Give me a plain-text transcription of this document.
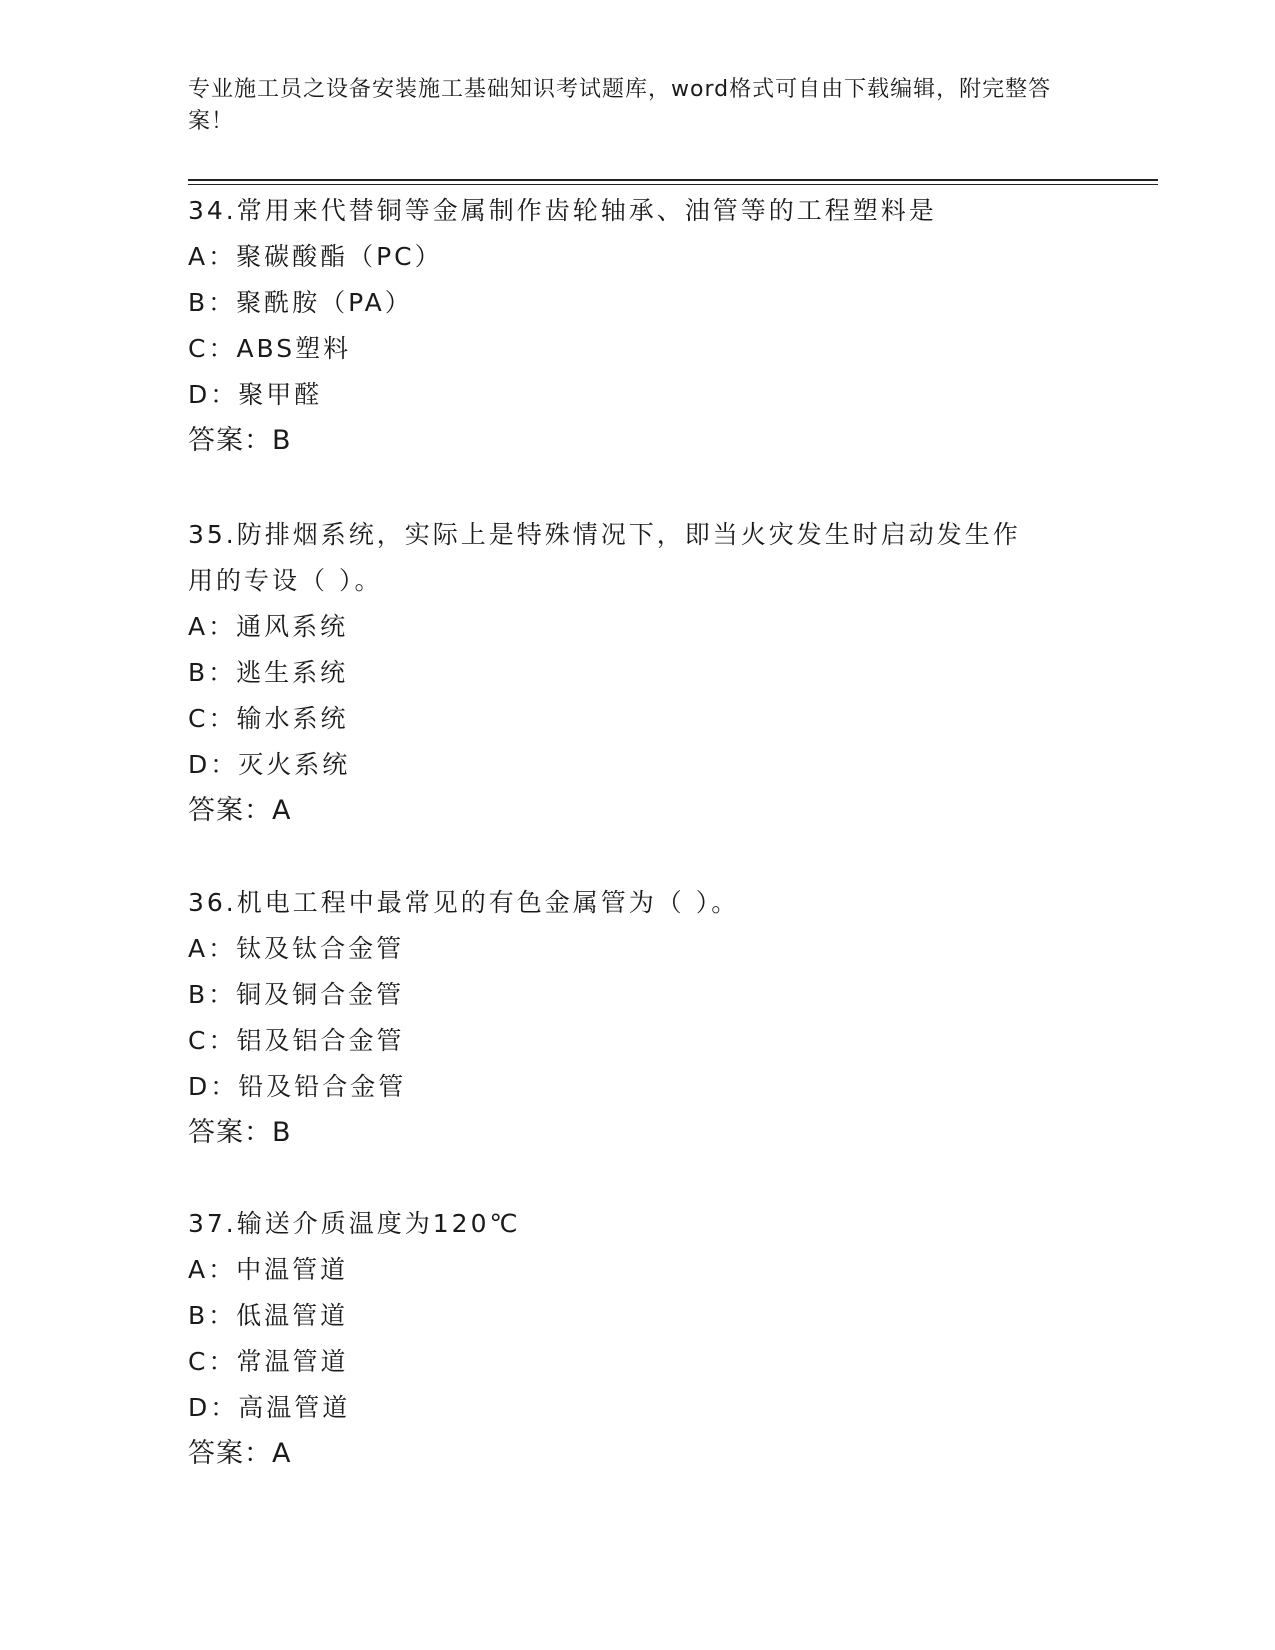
专业施工员之设备安装施工基础知识考试题库，word格式可自由下载编辑，附完整答案！

34.常用来代替铜等金属制作齿轮轴承、油管等的工程塑料是

A：聚碳酸酯（PC）

B：聚酰胺（PA）

C：ABS塑料

D：聚甲醛

答案：B

35.防排烟系统，实际上是特殊情况下，即当火灾发生时启动发生作用的专设（ ）。

A：通风系统

B：逃生系统

C：输水系统

D：灭火系统

答案：A

36.机电工程中最常见的有色金属管为（ ）。

A：钛及钛合金管

B：铜及铜合金管

C：铝及铝合金管

D：铅及铅合金管

答案：B

37.输送介质温度为120℃

A：中温管道

B：低温管道

C：常温管道

D：高温管道

答案：A
